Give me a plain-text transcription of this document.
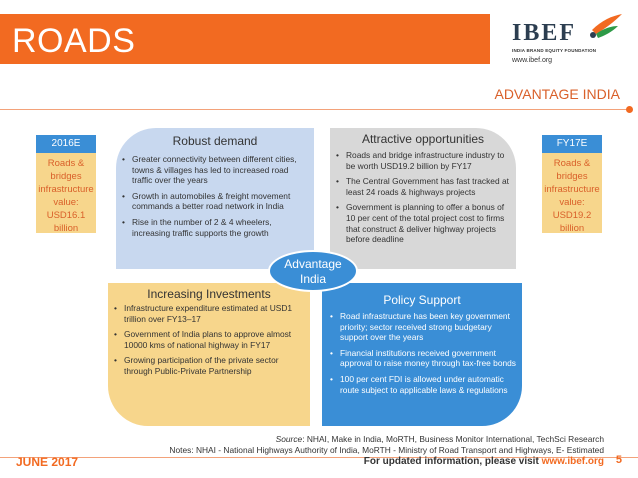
ROADS	IBEF
INDIA BRAND EQUITY FOUNDATION
www.ibef.org
ADVANTAGE INDIA
2016E
Roads & bridges infrastructure value: USD16.1 billion
FY17E
Roads & bridges infrastructure value: USD19.2 billion
Robust demand
• Greater connectivity between different cities, towns & villages has led to increased road traffic over the years
• Growth in automobiles & freight movement commands a better road network in India
• Rise in the number of 2 & 4 wheelers, increasing traffic supports the growth
Attractive opportunities
• Roads and bridge infrastructure industry to be worth USD19.2 billion by FY17
• The Central Government has fast tracked at least 24 roads & highways projects
• Government is planning to offer a bonus of 10 per cent of the total project cost to firms that construct & deliver highway projects before deadline
Increasing Investments
• Infrastructure expenditure estimated at USD1 trillion over FY13–17
• Government of India plans to approve almost 10000 kms of national highway in FY17
• Growing participation of the private sector through Public-Private Partnership
Policy Support
• Road infrastructure has been key government priority; sector received strong budgetary support over the years
• Financial institutions received government approval to raise money through tax-free bonds
• 100 per cent FDI is allowed under automatic route subject to applicable laws & regulations
Advantage India
Source: NHAI, Make in India, MoRTH, Business Monitor International, TechSci Research
Notes: NHAI - National Highways Authority of India, MoRTH - Ministry of Road Transport and Highways, E- Estimated
JUNE 2017	For updated information, please visit www.ibef.org 5
